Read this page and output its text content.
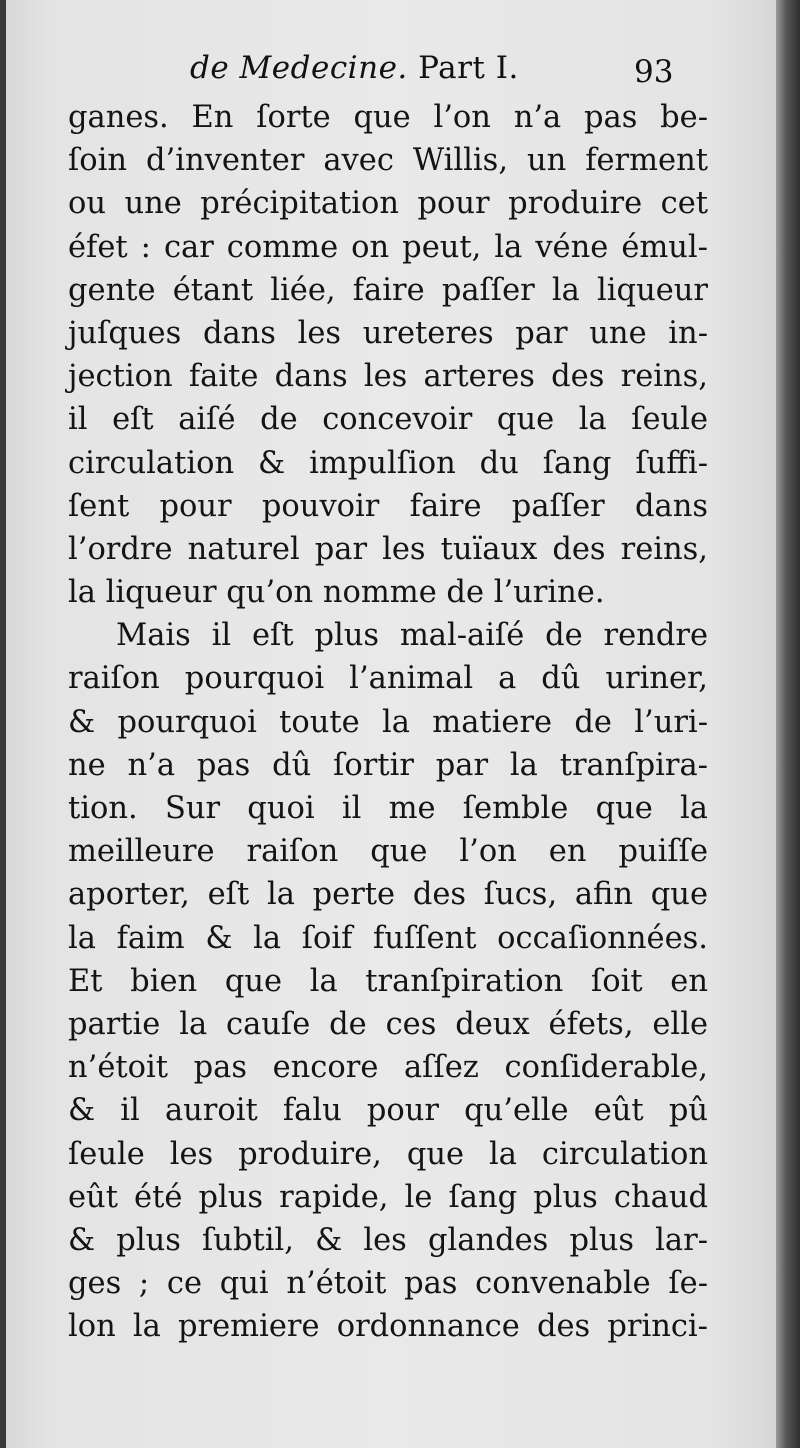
de Medecine. Part I.	93
ganes. En ſorte que l’on n’a pas be-
ſoin d’inventer avec Willis, un ferment
ou une précipitation pour produire cet
éfet : car comme on peut, la véne émul-
gente étant liée, faire paſſer la liqueur
juſques dans les ureteres par une in-
jection faite dans les arteres des reins,
il eſt aiſé de concevoir que la ſeule
circulation & impulſion du ſang ſuffi-
ſent pour pouvoir faire paſſer dans
l’ordre naturel par les tuïaux des reins,
la liqueur qu’on nomme de l’urine.
Mais il eſt plus mal-aiſé de rendre
raiſon pourquoi l’animal a dû uriner,
& pourquoi toute la matiere de l’uri-
ne n’a pas dû ſortir par la tranſpira-
tion. Sur quoi il me ſemble que la
meilleure raiſon que l’on en puiſſe
aporter, eſt la perte des ſucs, afin que
la faim & la ſoif fuſſent occaſionnées.
Et bien que la tranſpiration ſoit en
partie la cauſe de ces deux éfets, elle
n’étoit pas encore aſſez conſiderable,
& il auroit falu pour qu’elle eût pû
ſeule les produire, que la circulation
eût été plus rapide, le ſang plus chaud
& plus ſubtil, & les glandes plus lar-
ges ; ce qui n’étoit pas convenable ſe-
lon la premiere ordonnance des princi-
